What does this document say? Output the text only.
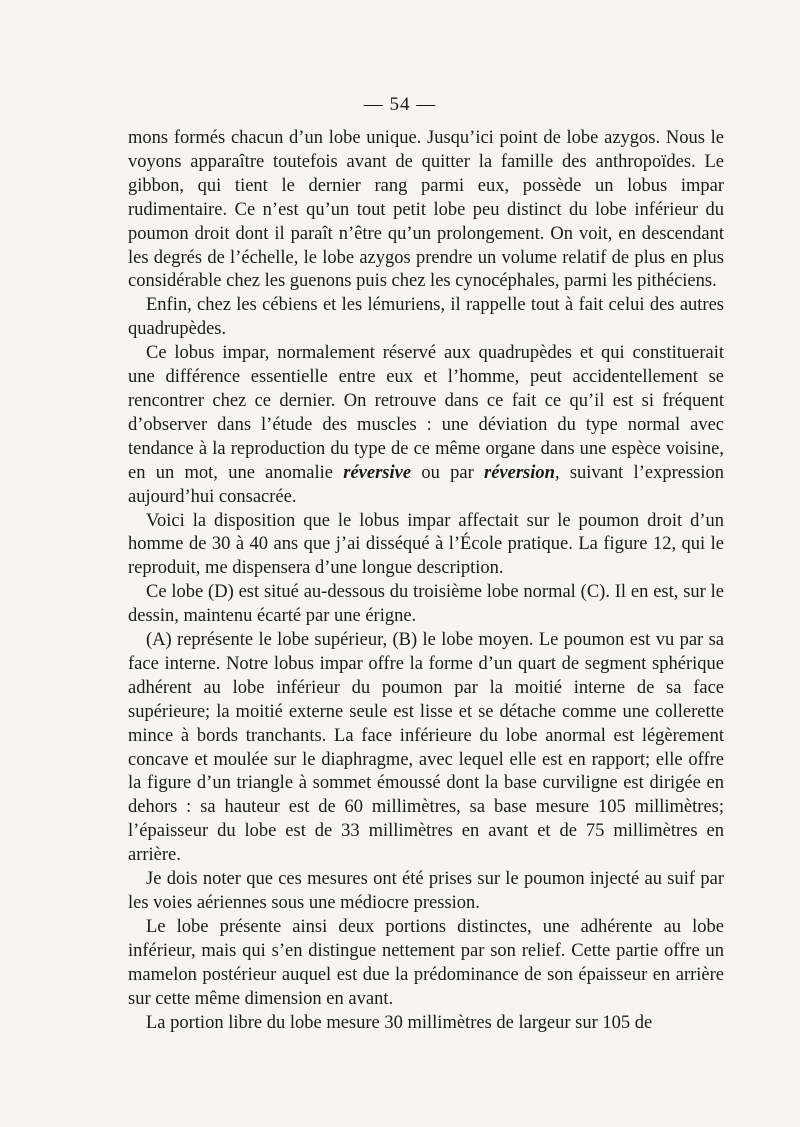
— 54 —

mons formés chacun d’un lobe unique. Jusqu’ici point de lobe azygos. Nous le voyons apparaître toutefois avant de quitter la famille des anthropoïdes. Le gibbon, qui tient le dernier rang parmi eux, possède un lobus impar rudimentaire. Ce n’est qu’un tout petit lobe peu distinct du lobe inférieur du poumon droit dont il paraît n’être qu’un prolongement. On voit, en descendant les degrés de l’échelle, le lobe azygos prendre un volume relatif de plus en plus considérable chez les guenons puis chez les cynocéphales, parmi les pithéciens.

Enfin, chez les cébiens et les lémuriens, il rappelle tout à fait celui des autres quadrupèdes.

Ce lobus impar, normalement réservé aux quadrupèdes et qui constituerait une différence essentielle entre eux et l’homme, peut accidentellement se rencontrer chez ce dernier. On retrouve dans ce fait ce qu’il est si fréquent d’observer dans l’étude des muscles : une déviation du type normal avec tendance à la reproduction du type de ce même organe dans une espèce voisine, en un mot, une anomalie réversive ou par réversion, suivant l’expression aujourd’hui consacrée.

Voici la disposition que le lobus impar affectait sur le poumon droit d’un homme de 30 à 40 ans que j’ai disséqué à l’École pratique. La figure 12, qui le reproduit, me dispensera d’une longue description.

Ce lobe (D) est situé au-dessous du troisième lobe normal (C). Il en est, sur le dessin, maintenu écarté par une érigne.

(A) représente le lobe supérieur, (B) le lobe moyen. Le poumon est vu par sa face interne. Notre lobus impar offre la forme d’un quart de segment sphérique adhérent au lobe inférieur du poumon par la moitié interne de sa face supérieure; la moitié externe seule est lisse et se détache comme une collerette mince à bords tranchants. La face inférieure du lobe anormal est légèrement concave et moulée sur le diaphragme, avec lequel elle est en rapport; elle offre la figure d’un triangle à sommet émoussé dont la base curviligne est dirigée en dehors : sa hauteur est de 60 millimètres, sa base mesure 105 millimètres; l’épaisseur du lobe est de 33 millimètres en avant et de 75 millimètres en arrière.

Je dois noter que ces mesures ont été prises sur le poumon injecté au suif par les voies aériennes sous une médiocre pression.

Le lobe présente ainsi deux portions distinctes, une adhérente au lobe inférieur, mais qui s’en distingue nettement par son relief. Cette partie offre un mamelon postérieur auquel est due la prédominance de son épaisseur en arrière sur cette même dimension en avant.

La portion libre du lobe mesure 30 millimètres de largeur sur 105 de
